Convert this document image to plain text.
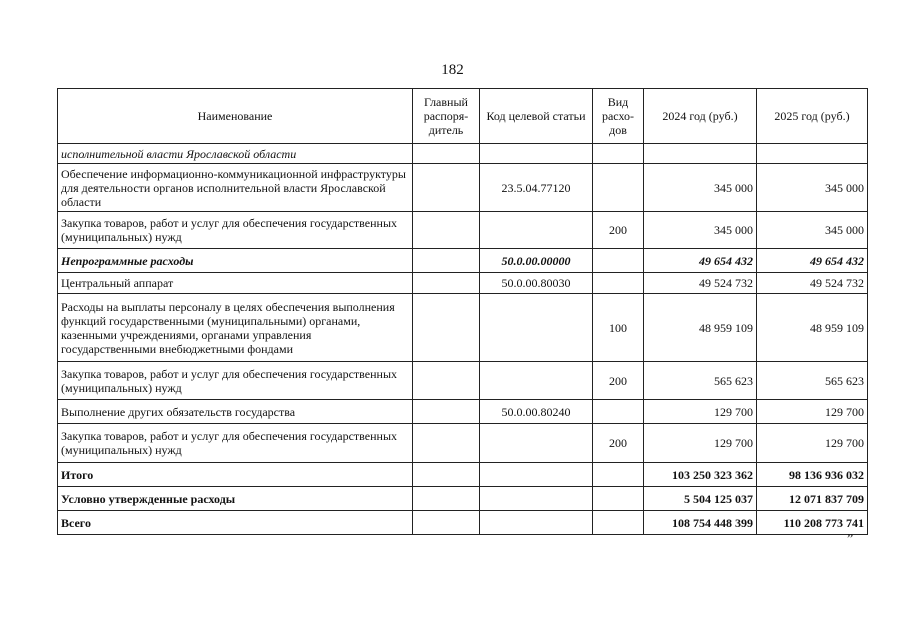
182
Наименование	Главный распоря- дитель	Код целевой статьи	Вид расхо- дов	2024 год (руб.)	2025 год (руб.)
исполнительной власти Ярославской области					
Обеспечение информационно-коммуникационной инфраструктуры для деятельности органов исполнительной власти Ярославской области		23.5.04.77120		345 000	345 000
Закупка товаров, работ и услуг для обеспечения государственных (муниципальных) нужд			200	345 000	345 000
Непрограммные расходы		50.0.00.00000		49 654 432	49 654 432
Центральный аппарат		50.0.00.80030		49 524 732	49 524 732
Расходы на выплаты персоналу в целях обеспечения выполнения функций государственными (муниципальными) органами, казенными учреждениями, органами управления государственными внебюджетными фондами			100	48 959 109	48 959 109
Закупка товаров, работ и услуг для обеспечения государственных (муниципальных) нужд			200	565 623	565 623
Выполнение других обязательств государства		50.0.00.80240		129 700	129 700
Закупка товаров, работ и услуг для обеспечения государственных (муниципальных) нужд			200	129 700	129 700
Итого				103 250 323 362	98 136 936 032
Условно утвержденные расходы				5 504 125 037	12 071 837 709
Всего				108 754 448 399	110 208 773 741
”
